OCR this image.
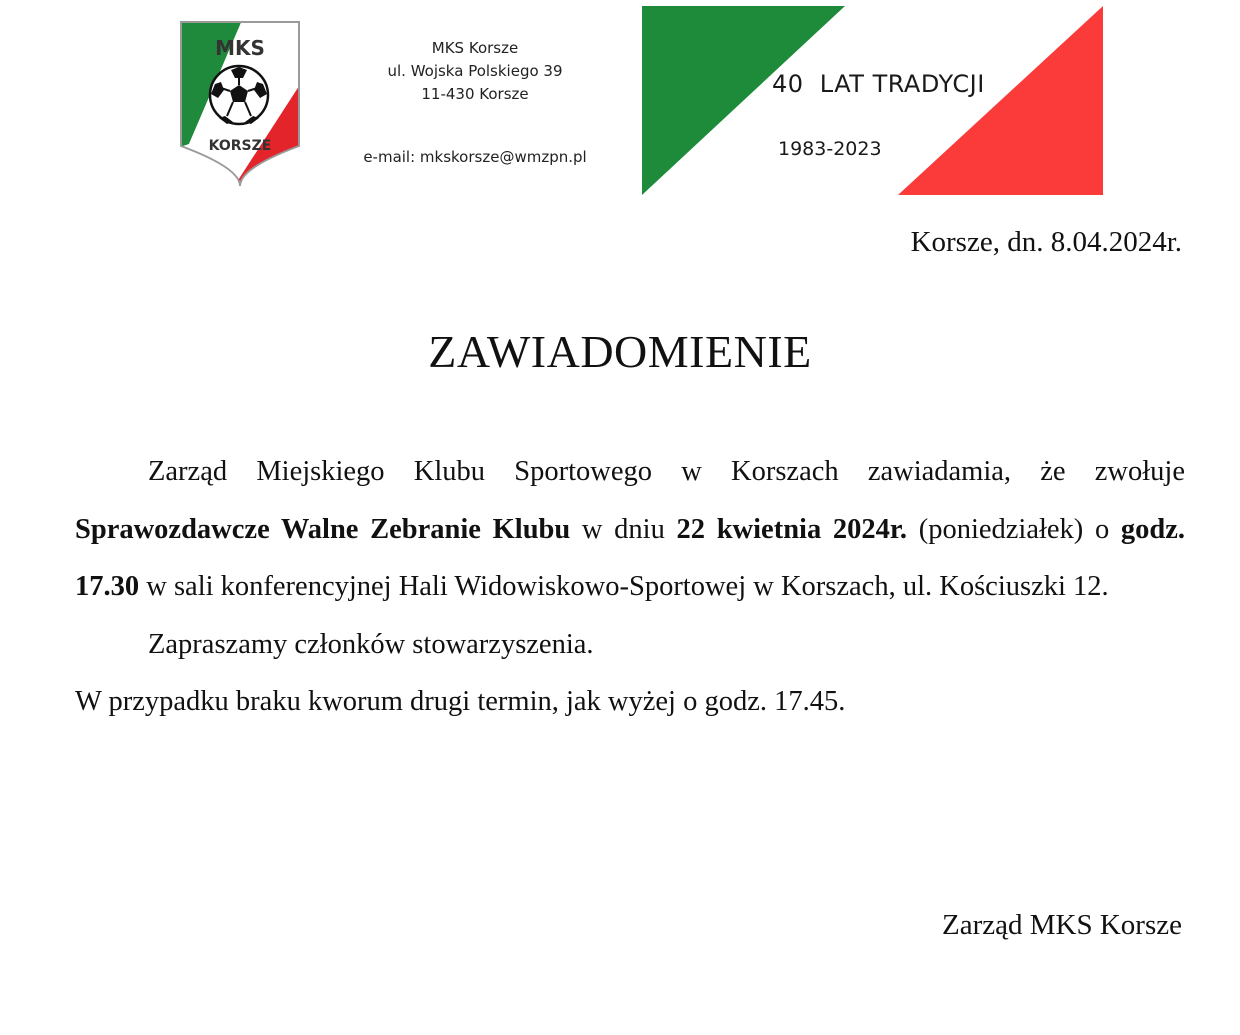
MKS
KORSZE
MKS Korsze
ul. Wojska Polskiego 39
11-430 Korsze
e-mail: mkskorsze@wmzpn.pl
40  LAT TRADYCJI
1983-2023
Korsze, dn. 8.04.2024r.
ZAWIADOMIENIE

Zarząd Miejskiego Klubu Sportowego w Korszach zawiadamia, że zwołuje Sprawozdawcze Walne Zebranie Klubu w dniu 22 kwietnia 2024r. (poniedziałek) o godz. 17.30 w sali konferencyjnej Hali Widowiskowo-Sportowej w Korszach, ul. Kościuszki 12.

Zapraszamy członków stowarzyszenia.

W przypadku braku kworum drugi termin, jak wyżej o godz. 17.45.

Zarząd MKS Korsze
